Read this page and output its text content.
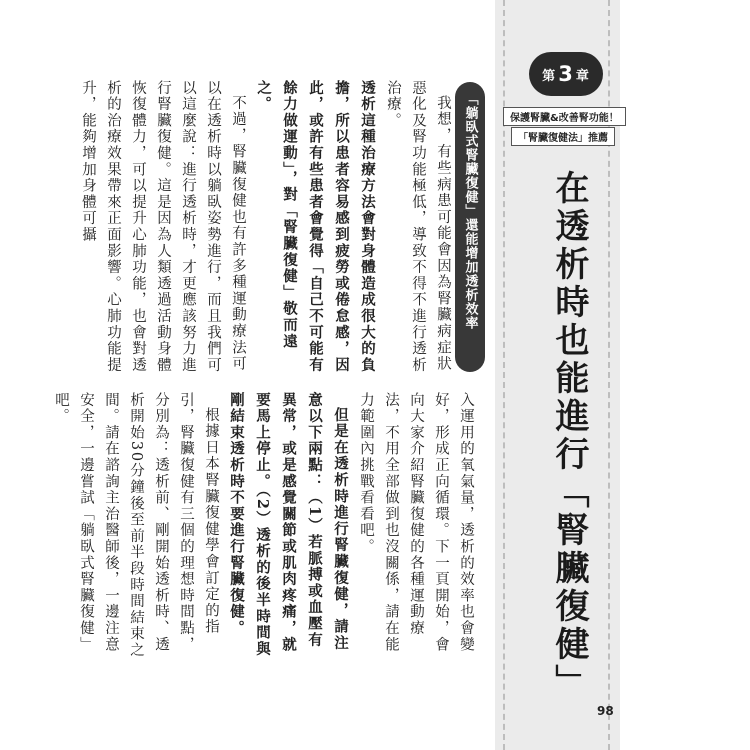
第 3 章
保護腎臟&改善腎功能！
「腎臟復健法」推薦
在透析時也能進行「腎臟復健」
「躺臥式腎臟復健」還能增加透析效率

我想，有些病患可能會因為腎臟病症狀惡化及腎功能極低，導致不得不進行透析治療。

透析這種治療方法會對身體造成很大的負擔，所以患者容易感到疲勞或倦怠感，因此，或許有些患者會覺得「自己不可能有餘力做運動」，對「腎臟復健」敬而遠之。

不過，腎臟復健也有許多種運動療法可以在透析時以躺臥姿勢進行，而且我們可以這麼說：進行透析時，才更應該努力進行腎臟復健。這是因為人類透過活動身體恢復體力，可以提升心肺功能，也會對透析的治療效果帶來正面影響。心肺功能提升，能夠增加身體可攝

入運用的氧氣量，透析的效率也會變好，形成正向循環。下一頁開始，會向大家介紹腎臟復健的各種運動療法，不用全部做到也沒關係，請在能力範圍內挑戰看看吧。

但是在透析時進行腎臟復健，請注意以下兩點：（1）若脈搏或血壓有異常，或是感覺關節或肌肉疼痛，就要馬上停止。（2）透析的後半時間與剛結束透析時不要進行腎臟復健。

根據日本腎臟復健學會訂定的指引，腎臟復健有三個的理想時間點，分別為：透析前、剛開始透析時、透析開始30分鐘後至前半段時間結束之間。請在諮詢主治醫師後，一邊注意安全，一邊嘗試「躺臥式腎臟復健」吧。

98
